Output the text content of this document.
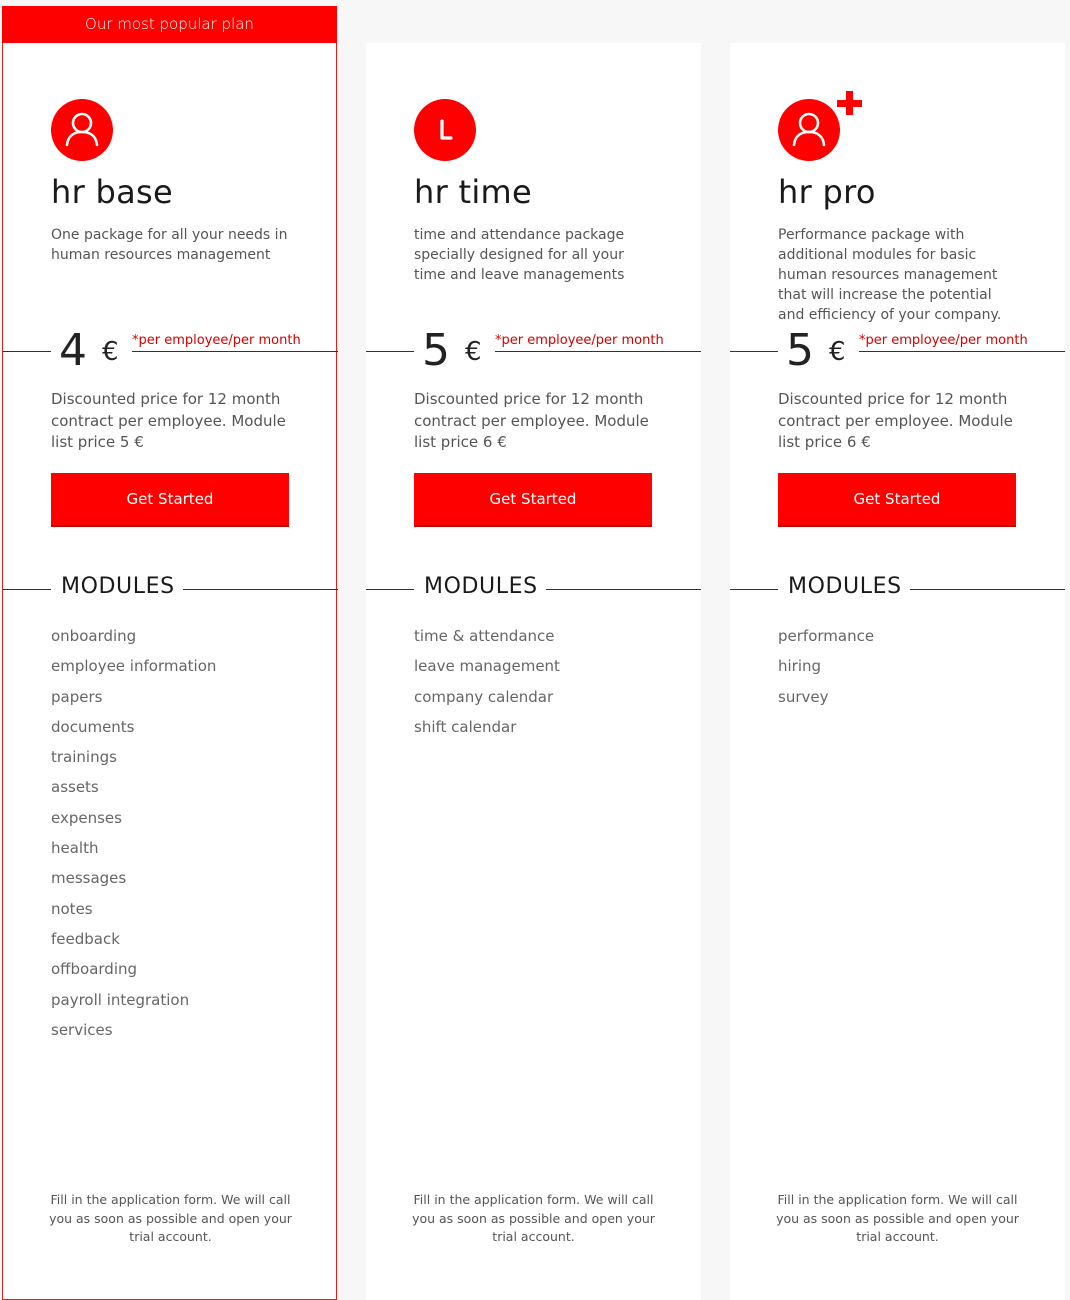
hr base
One package for all your needs in human resources management
4 € *per employee/per month
Discounted price for 12 month contract per employee. Module list price 5 €
Get Started
MODULES
onboarding
employee information
papers
documents
trainings
assets
expenses
health
messages
notes
feedback
offboarding
payroll integration
services
Fill in the application form. We will call you as soon as possible and open your trial account.
Our most popular plan
hr time
time and attendance package specially designed for all your time and leave managements
5 € *per employee/per month
Discounted price for 12 month contract per employee. Module list price 6 €
Get Started
MODULES
time & attendance
leave management
company calendar
shift calendar
Fill in the application form. We will call you as soon as possible and open your trial account.
hr pro
Performance package with additional modules for basic human resources management that will increase the potential and efficiency of your company.
5 € *per employee/per month
Discounted price for 12 month contract per employee. Module list price 6 €
Get Started
MODULES
performance
hiring
survey
Fill in the application form. We will call you as soon as possible and open your trial account.
